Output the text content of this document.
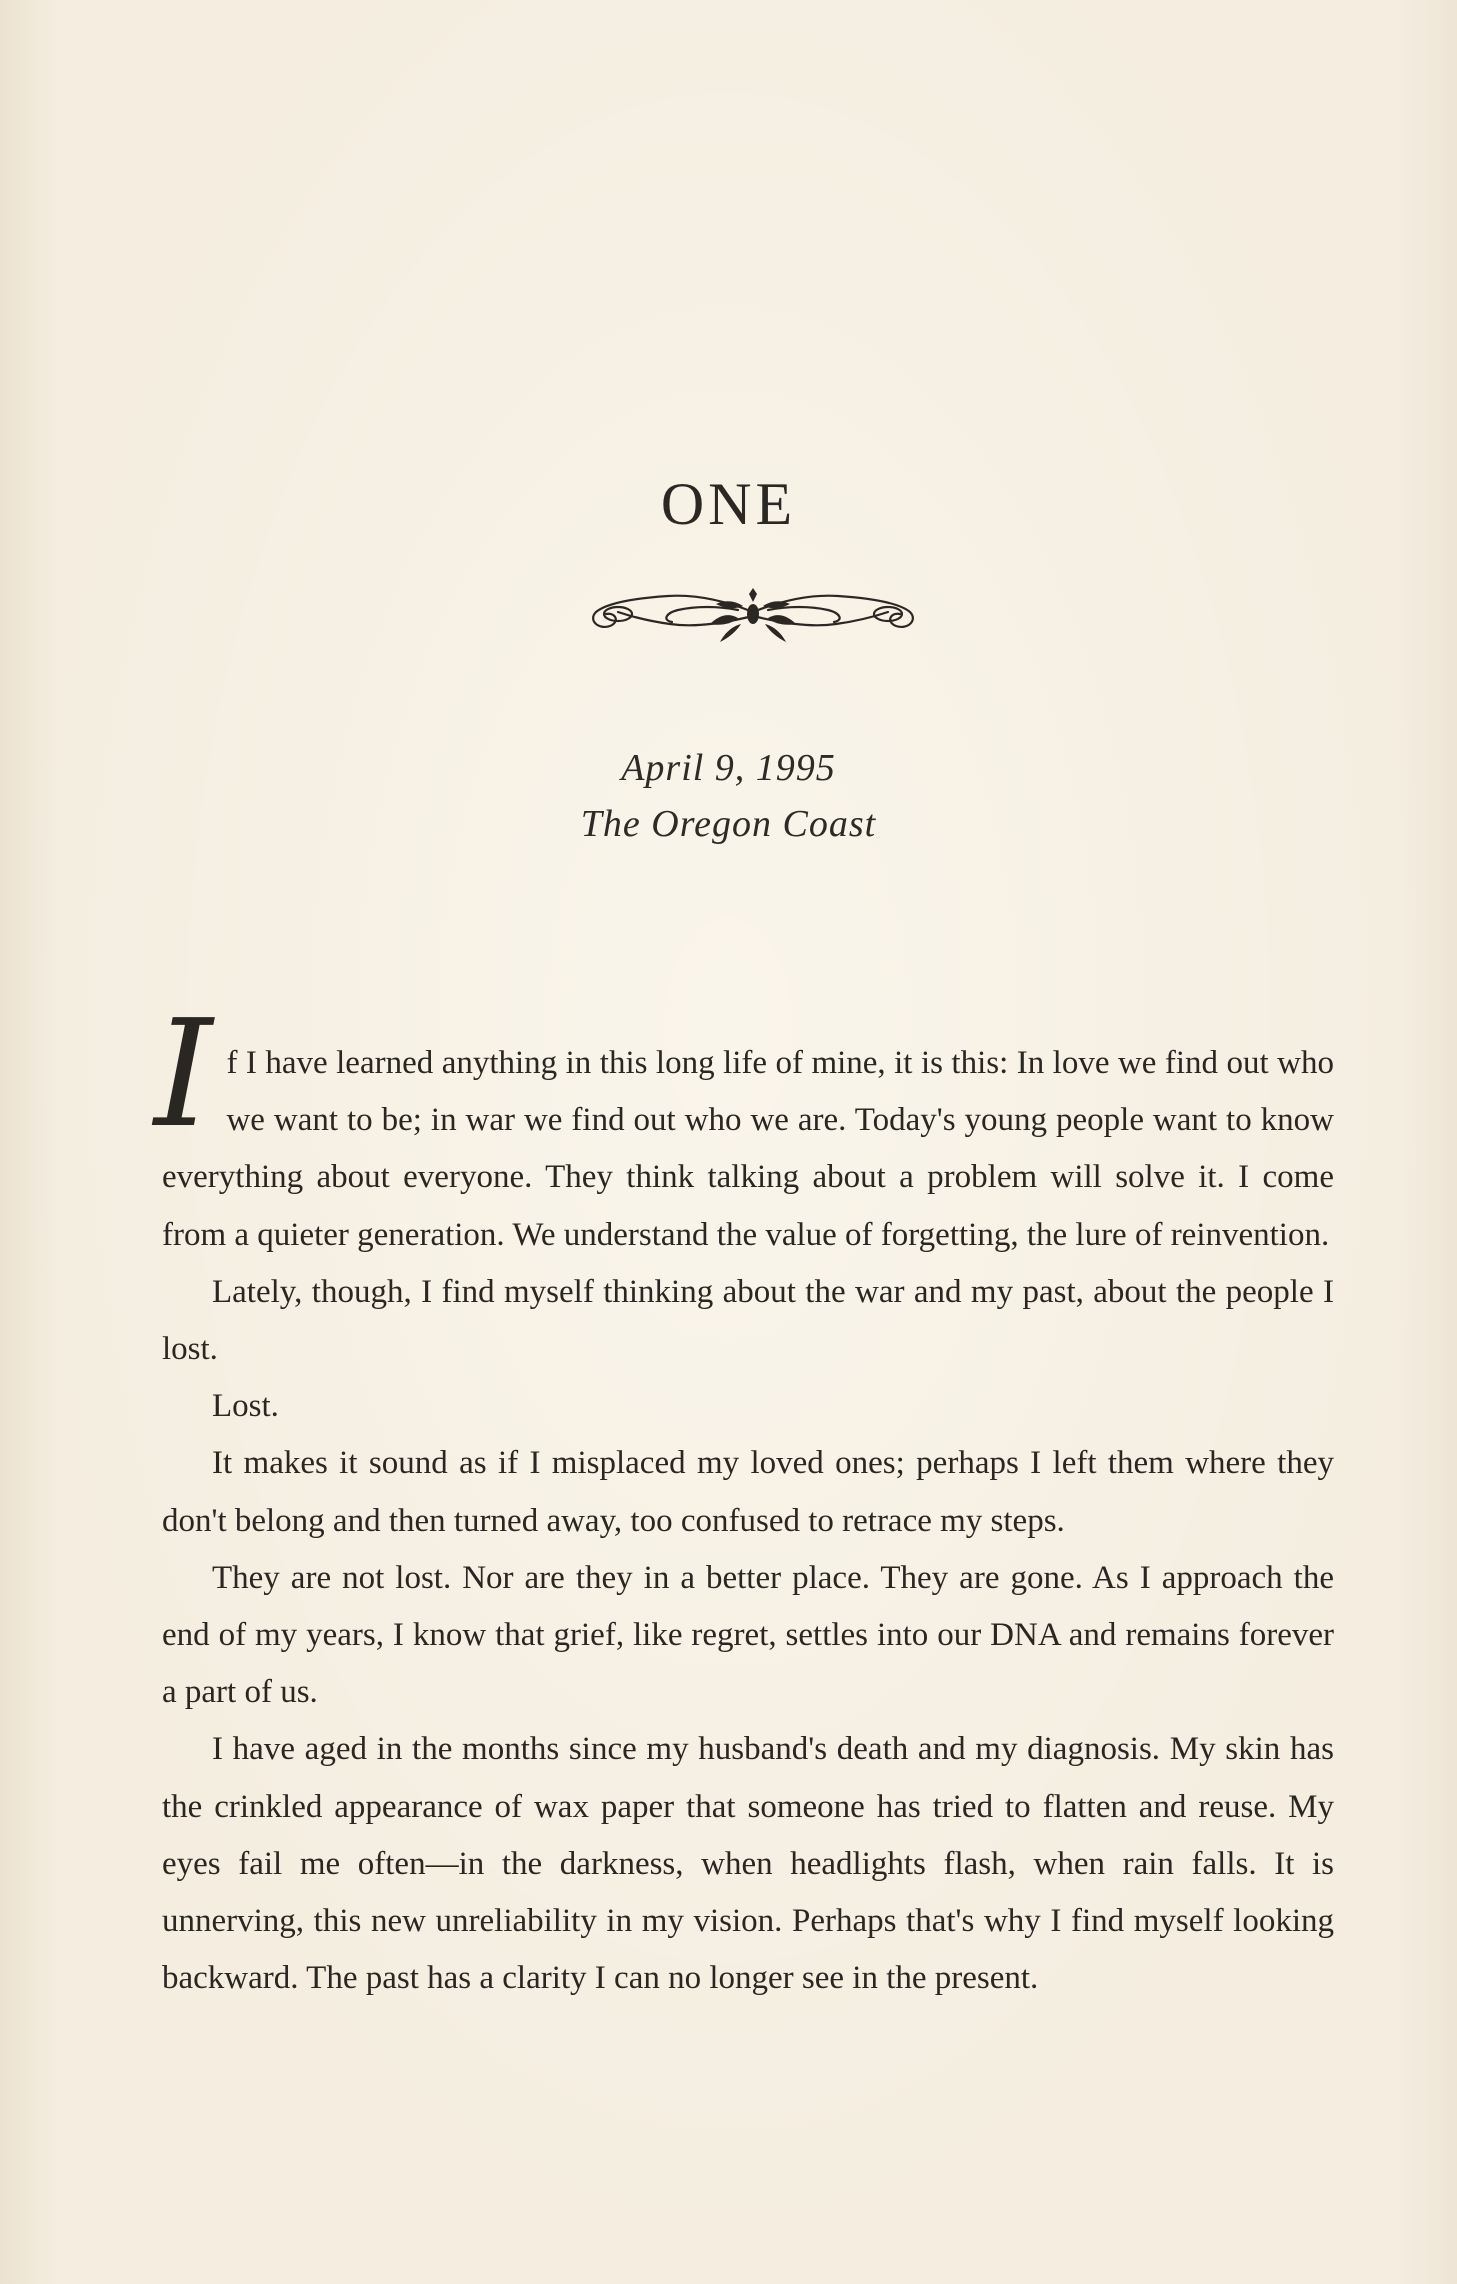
ONE
April 9, 1995
The Oregon Coast

If I have learned anything in this long life of mine, it is this: In love we find out who we want to be; in war we find out who we are. Today's young people want to know everything about everyone. They think talking about a problem will solve it. I come from a quieter generation. We understand the value of forgetting, the lure of reinvention.

Lately, though, I find myself thinking about the war and my past, about the people I lost.

Lost.

It makes it sound as if I misplaced my loved ones; perhaps I left them where they don't belong and then turned away, too confused to retrace my steps.

They are not lost. Nor are they in a better place. They are gone. As I approach the end of my years, I know that grief, like regret, settles into our DNA and remains forever a part of us.

I have aged in the months since my husband's death and my diagnosis. My skin has the crinkled appearance of wax paper that someone has tried to flatten and reuse. My eyes fail me often—in the darkness, when headlights flash, when rain falls. It is unnerving, this new unreliability in my vision. Perhaps that's why I find myself looking backward. The past has a clarity I can no longer see in the present.
